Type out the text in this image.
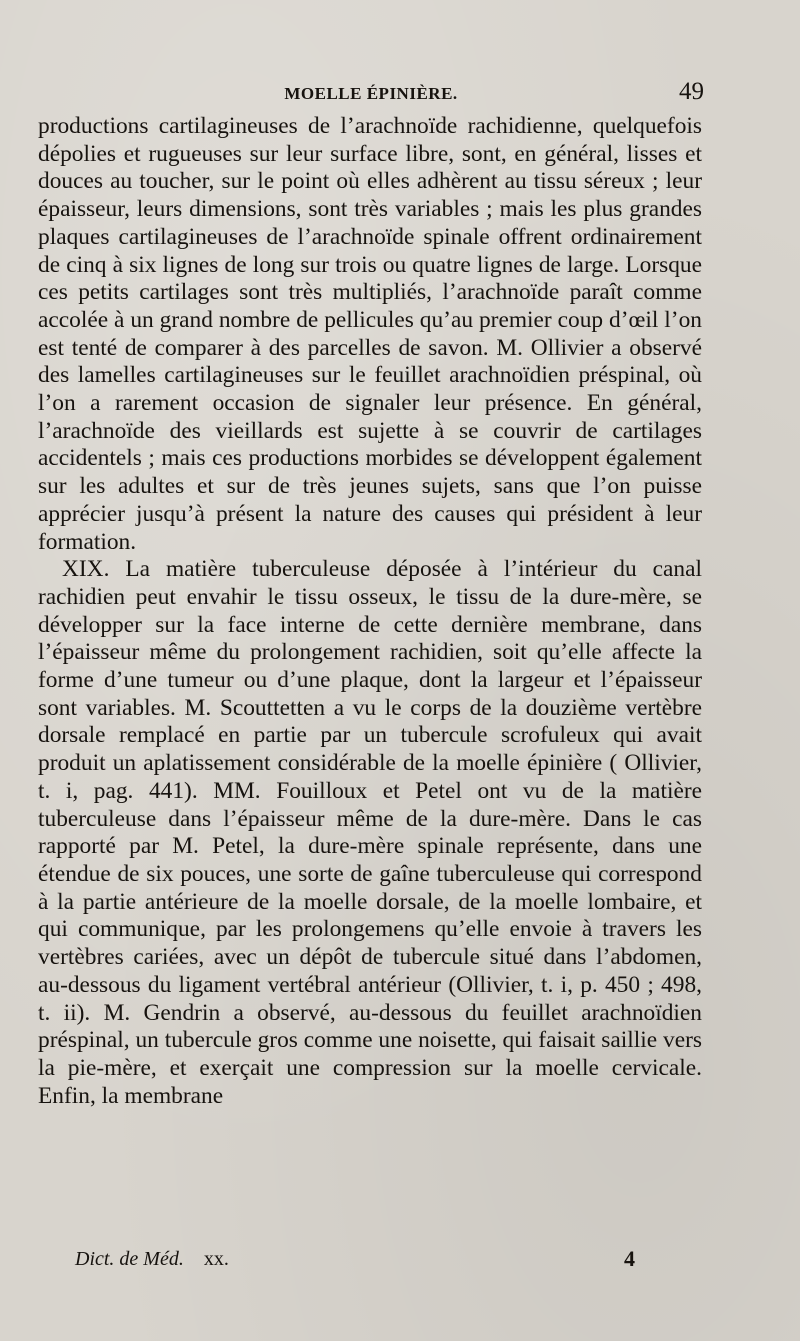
MOELLE ÉPINIÈRE.	49

productions cartilagineuses de l’arachnoïde rachidienne, quelquefois dépolies et rugueuses sur leur surface libre, sont, en général, lisses et douces au toucher, sur le point où elles adhèrent au tissu séreux ; leur épaisseur, leurs dimensions, sont très variables ; mais les plus grandes plaques cartilagineuses de l’arachnoïde spinale offrent ordinairement de cinq à six lignes de long sur trois ou quatre lignes de large. Lorsque ces petits cartilages sont très multipliés, l’arachnoïde paraît comme accolée à un grand nombre de pellicules qu’au premier coup d’œil l’on est tenté de comparer à des parcelles de savon. M. Ollivier a observé des lamelles cartilagineuses sur le feuillet arachnoïdien préspinal, où l’on a rarement occasion de signaler leur présence. En général, l’arachnoïde des vieillards est sujette à se couvrir de cartilages accidentels ; mais ces productions morbides se développent également sur les adultes et sur de très jeunes sujets, sans que l’on puisse apprécier jusqu’à présent la nature des causes qui président à leur formation.

XIX. La matière tuberculeuse déposée à l’intérieur du canal rachidien peut envahir le tissu osseux, le tissu de la dure-mère, se développer sur la face interne de cette dernière membrane, dans l’épaisseur même du prolongement rachidien, soit qu’elle affecte la forme d’une tumeur ou d’une plaque, dont la largeur et l’épaisseur sont variables. M. Scouttetten a vu le corps de la douzième vertèbre dorsale remplacé en partie par un tubercule scrofuleux qui avait produit un aplatissement considérable de la moelle épinière ( Ollivier, t. i, pag. 441). MM. Fouilloux et Petel ont vu de la matière tuberculeuse dans l’épaisseur même de la dure-mère. Dans le cas rapporté par M. Petel, la dure-mère spinale représente, dans une étendue de six pouces, une sorte de gaîne tuberculeuse qui correspond à la partie antérieure de la moelle dorsale, de la moelle lombaire, et qui communique, par les prolongemens qu’elle envoie à travers les vertèbres cariées, avec un dépôt de tubercule situé dans l’abdomen, au-dessous du ligament vertébral antérieur (Ollivier, t. i, p. 450 ; 498, t. ii). M. Gendrin a observé, au-dessous du feuillet arachnoïdien préspinal, un tubercule gros comme une noisette, qui faisait saillie vers la pie-mère, et exerçait une compression sur la moelle cervicale. Enfin, la membrane

Dict. de Méd. xx.	4
